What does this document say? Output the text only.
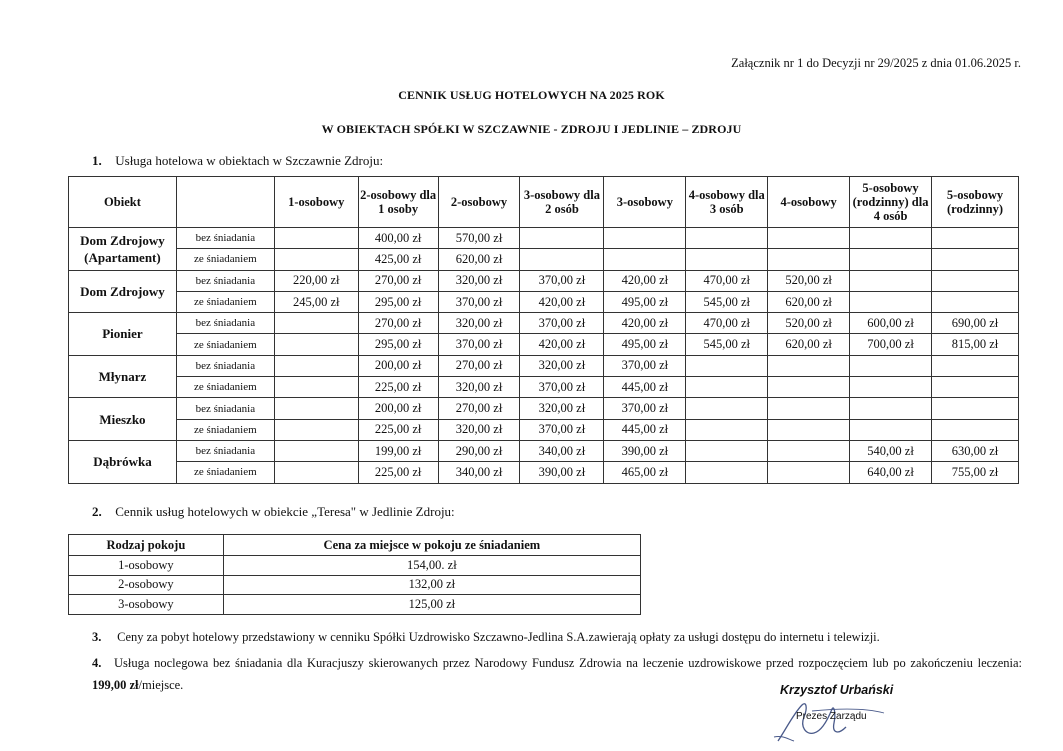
Załącznik nr 1 do Decyzji nr 29/2025 z dnia 01.06.2025 r.
CENNIK USŁUG HOTELOWYCH NA 2025 ROK
W OBIEKTACH SPÓŁKI W SZCZAWNIE - ZDROJU I JEDLINIE – ZDROJU
1. Usługa hotelowa w obiektach w Szczawnie Zdroju:
Obiekt		1-osobowy	2-osobowy dla 1 osoby	2-osobowy	3-osobowy dla 2 osób	3-osobowy	4-osobowy dla 3 osób	4-osobowy	5-osobowy (rodzinny) dla 4 osób	5-osobowy (rodzinny)
Dom Zdrojowy (Apartament)	bez śniadania		400,00 zł	570,00 zł						
	ze śniadaniem		425,00 zł	620,00 zł						
Dom Zdrojowy	bez śniadania	220,00 zł	270,00 zł	320,00 zł	370,00 zł	420,00 zł	470,00 zł	520,00 zł		
	ze śniadaniem	245,00 zł	295,00 zł	370,00 zł	420,00 zł	495,00 zł	545,00 zł	620,00 zł		
Pionier	bez śniadania		270,00 zł	320,00 zł	370,00 zł	420,00 zł	470,00 zł	520,00 zł	600,00 zł	690,00 zł
	ze śniadaniem		295,00 zł	370,00 zł	420,00 zł	495,00 zł	545,00 zł	620,00 zł	700,00 zł	815,00 zł
Młynarz	bez śniadania		200,00 zł	270,00 zł	320,00 zł	370,00 zł				
	ze śniadaniem		225,00 zł	320,00 zł	370,00 zł	445,00 zł				
Mieszko	bez śniadania		200,00 zł	270,00 zł	320,00 zł	370,00 zł				
	ze śniadaniem		225,00 zł	320,00 zł	370,00 zł	445,00 zł				
Dąbrówka	bez śniadania		199,00 zł	290,00 zł	340,00 zł	390,00 zł			540,00 zł	630,00 zł
	ze śniadaniem		225,00 zł	340,00 zł	390,00 zł	465,00 zł			640,00 zł	755,00 zł
2. Cennik usług hotelowych w obiekcie „Teresa" w Jedlinie Zdroju:
Rodzaj pokoju	Cena za miejsce w pokoju ze śniadaniem
1-osobowy	154,00. zł
2-osobowy	132,00 zł
3-osobowy	125,00 zł
3. Ceny za pobyt hotelowy przedstawiony w cenniku Spółki Uzdrowisko Szczawno-Jedlina S.A.zawierają opłaty za usługi dostępu do internetu i telewizji.
4. Usługa noclegowa bez śniadania dla Kuracjuszy skierowanych przez Narodowy Fundusz Zdrowia na leczenie uzdrowiskowe przed rozpoczęciem lub po zakończeniu leczenia: 199,00 zł/miejsce.	Krzysztof Urbański
Prezes Zarządu
